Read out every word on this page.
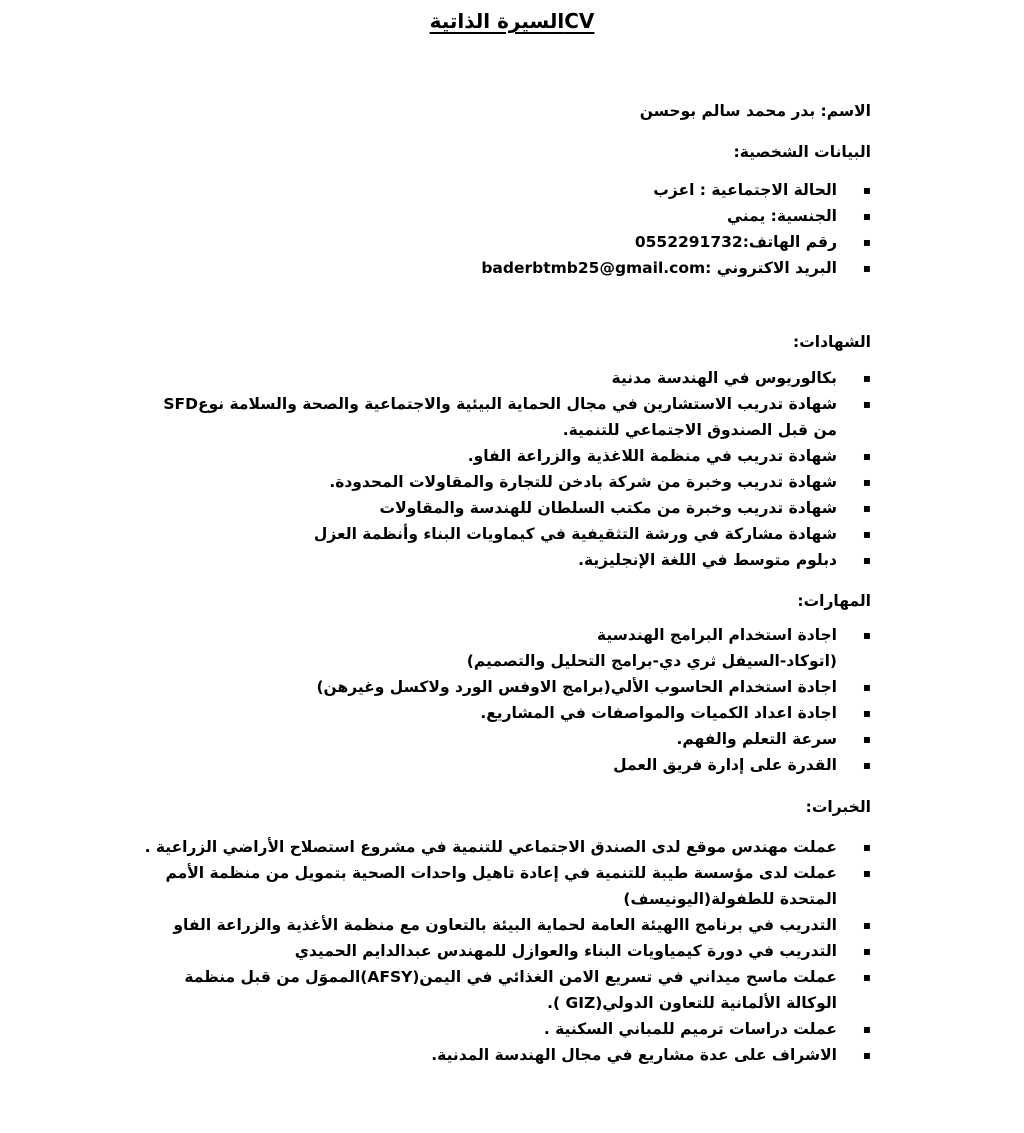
السيرة الذاتيةCV

الاسم: بدر محمد سالم بوحسن

البيانات الشخصية:

▪ الحالة الاجتماعية : اعزب
▪ الجنسية: يمني
▪ رقم الهاتف:0552291732
▪ البريد الاكتروني :baderbtmb25@gmail.com

الشهادات:

▪ بكالوريوس في الهندسة مدنية
▪ شهادة تدريب الاستشارين في مجال الحماية البيئية والاجتماعية والصحة والسلامة نوعSFD من قبل الصندوق الاجتماعي للتنمية.
▪ شهادة تدريب في منظمة اللاغذية والزراعة الفاو.
▪ شهادة تدريب وخبرة من شركة بادخن للتجارة والمقاولات المحدودة.
▪ شهادة تدريب وخبرة من مكتب السلطان للهندسة والمقاولات
▪ شهادة مشاركة في ورشة التثقيفية في كيماويات البناء وأنظمة العزل
▪ دبلوم متوسط في اللغة الإنجليزية.

المهارات:

▪ اجادة استخدام البرامج الهندسية
(اتوكاد-السيفل ثري دي-برامج التحليل والتصميم)
▪ اجادة استخدام الحاسوب الألي(برامج الاوفس الورد ولاكسل وغيرهن)
▪ اجادة اعداد الكميات والمواصفات في المشاريع.
▪ سرعة التعلم والفهم.
▪ القدرة على إدارة فريق العمل

الخبرات:

▪ عملت مهندس موقع لدى الصندق الاجتماعي للتنمية في مشروع استصلاح الأراضي الزراعية .
▪ عملت لدى مؤسسة طيبة للتنمية في إعادة تاهيل واحدات الصحية بتمويل من منظمة الأمم المتحدة للطفولة(اليونيسف)
▪ التدريب في برنامج االهيئة العامة لحماية البيئة بالتعاون مع منظمة الأغذية والزراعة الفاو
▪ التدريب في دورة كيمياويات البناء والعوازل للمهندس عبدالدايم الحميدي
▪ عملت ماسح ميداني في تسريع الامن الغذائي في اليمن(AFSY)المموَل من قبل منظمة الوكالة الألمانية للتعاون الدولي(GIZ ).
▪ عملت دراسات ترميم للمباني السكنية .
▪ الاشراف على عدة مشاريع في مجال الهندسة المدنية.
